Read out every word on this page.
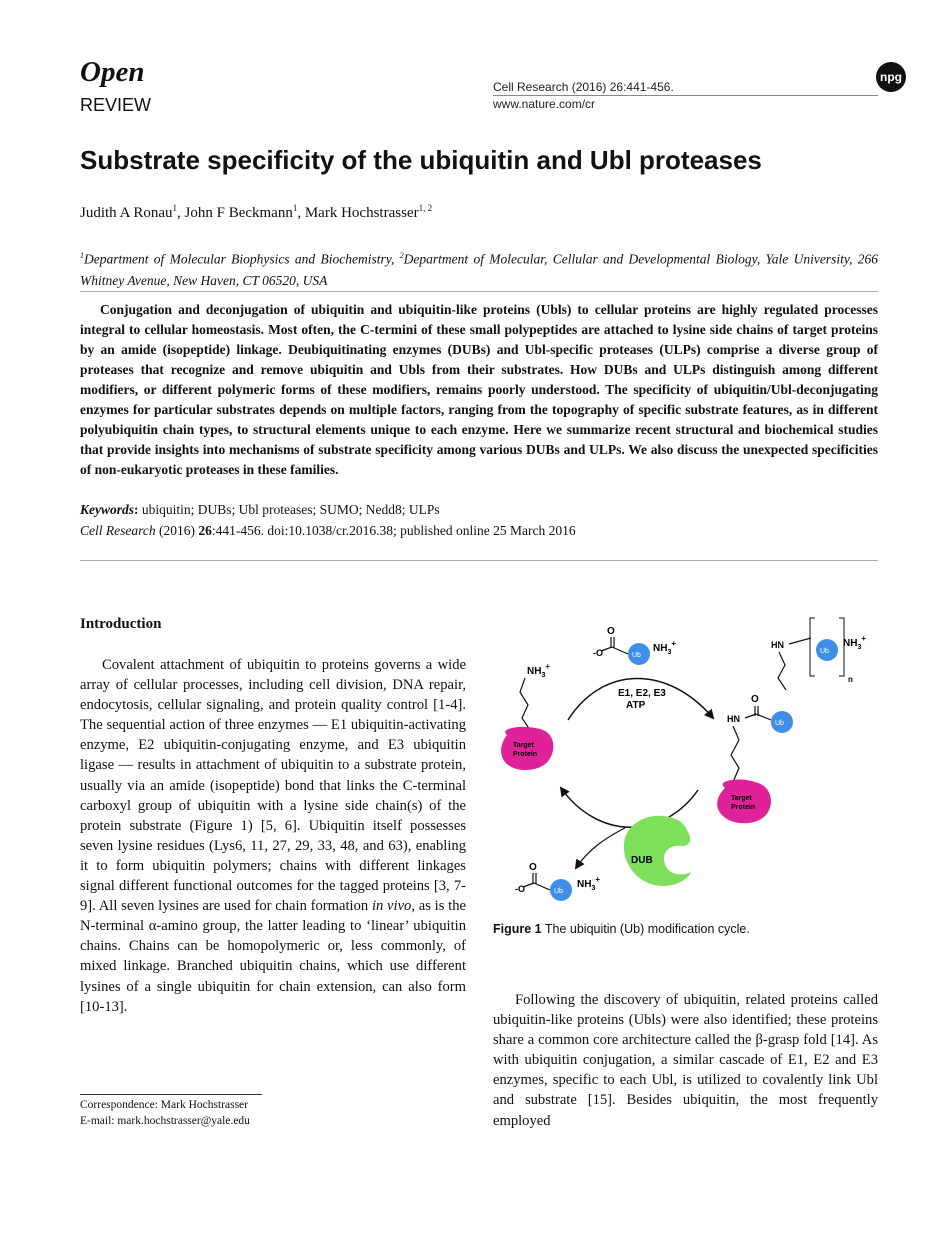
Open
REVIEW
Cell Research (2016) 26:441-456.
www.nature.com/cr
npg
Substrate specificity of the ubiquitin and Ubl proteases
Judith A Ronau$^1$, John F Beckmann$^1$, Mark Hochstrasser$^{1, 2}$
$^1$Department of Molecular Biophysics and Biochemistry, $^2$Department of Molecular, Cellular and Developmental Biology, Yale University, 266 Whitney Avenue, New Haven, CT 06520, USA
Conjugation and deconjugation of ubiquitin and ubiquitin-like proteins (Ubls) to cellular proteins are highly regulated processes integral to cellular homeostasis. Most often, the C-termini of these small polypeptides are attached to lysine side chains of target proteins by an amide (isopeptide) linkage. Deubiquitinating enzymes (DUBs) and Ubl-specific proteases (ULPs) comprise a diverse group of proteases that recognize and remove ubiquitin and Ubls from their substrates. How DUBs and ULPs distinguish among different modifiers, or different polymeric forms of these modifiers, remains poorly understood. The specificity of ubiquitin/Ubl-deconjugating enzymes for particular substrates depends on multiple factors, ranging from the topography of specific substrate features, as in different polyubiquitin chain types, to structural elements unique to each enzyme. Here we summarize recent structural and biochemical studies that provide insights into mechanisms of substrate specificity among various DUBs and ULPs. We also discuss the unexpected specificities of non-eukaryotic proteases in these families.
Keywords: ubiquitin; DUBs; Ubl proteases; SUMO; Nedd8; ULPs
Cell Research (2016) 26:441-456. doi:10.1038/cr.2016.38; published online 25 March 2016
Introduction
Covalent attachment of ubiquitin to proteins governs a wide array of cellular processes, including cell division, DNA repair, endocytosis, cellular signaling, and protein quality control [1-4]. The sequential action of three enzymes — E1 ubiquitin-activating enzyme, E2 ubiquitin-conjugating enzyme, and E3 ubiquitin ligase — results in attachment of ubiquitin to a substrate protein, usually via an amide (isopeptide) bond that links the C-terminal carboxyl group of ubiquitin with a lysine side chain(s) of the protein substrate (Figure 1) [5, 6]. Ubiquitin itself possesses seven lysine residues (Lys6, 11, 27, 29, 33, 48, and 63), enabling it to form ubiquitin polymers; chains with different linkages signal different functional outcomes for the tagged proteins [3, 7-9]. All seven lysines are used for chain formation in vivo, as is the N-terminal α-amino group, the latter leading to ‘linear’ ubiquitin chains. Chains can be homopolymeric or, less commonly, of mixed linkage. Branched ubiquitin chains, which use different lysines of a single ubiquitin for chain extension, can also form [10-13].
Correspondence: Mark Hochstrasser
E-mail: mark.hochstrasser@yale.edu
O
-O	Ub
$NH_3^+$
E1, E2, E3
ATP
$NH_3^+$
Target
Protein
HN
Ub
$NH_3^+$
n
O
HN	Ub
Target
Protein
DUB
O
-O	Ub
$NH_3^+$
Figure 1 The ubiquitin (Ub) modification cycle.
Following the discovery of ubiquitin, related proteins called ubiquitin-like proteins (Ubls) were also identified; these proteins share a common core architecture called the β-grasp fold [14]. As with ubiquitin conjugation, a similar cascade of E1, E2 and E3 enzymes, specific to each Ubl, is utilized to covalently link Ubl and substrate [15]. Besides ubiquitin, the most frequently employed
